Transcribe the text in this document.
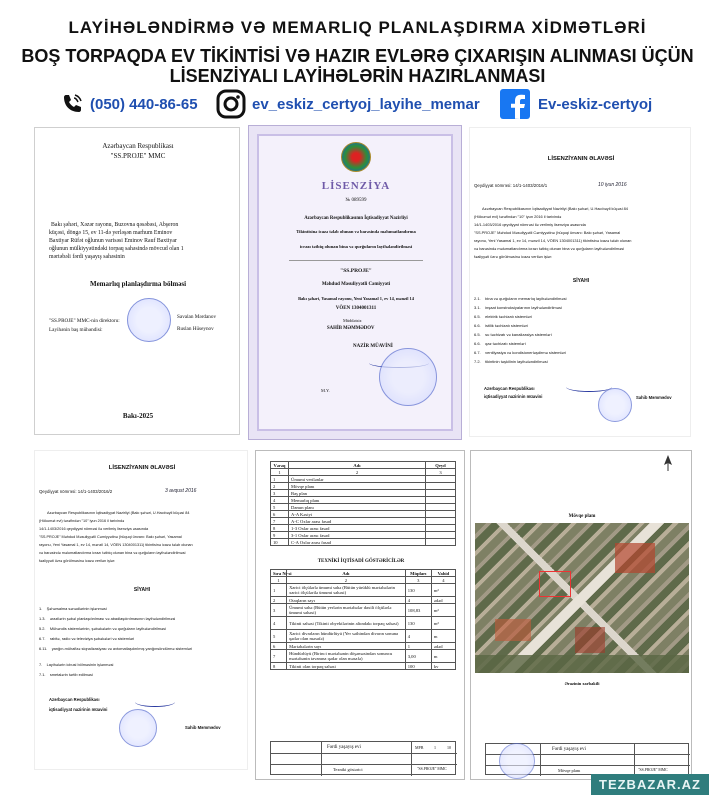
LAYİHƏLƏNDİRMƏ VƏ MEMARLIQ PLANLAŞDIRMA XİDMƏTLƏRİ
BOŞ TORPAQDA EV TİKİNTİSİ VƏ HAZIR EVLƏRƏ ÇIXARIŞIN ALINMASI ÜÇÜN
LİSENZİYALI LAYİHƏLƏRİN HAZIRLANMASI
(050) 440-86-65	ev_eskiz_certyoj_layihe_memar	Ev-eskiz-certyoj
Azərbaycan Respublikası
"SS.PROJE" MMC
Bakı şəhəri, Xəzər rayonu, Buzovna qəsəbəsi, Abşeron
küçəsi, döngə 15, ev 11-də yerləşən marhum Eminov
Baxtiyar Rüfət oğlunun varisəsi Eminov Rauf Baxtiyar
oğlunun mülkiyyətindəki torpaq sahəsində mövcud olan 1
mərtəbəli fərdi yaşayış sahəsinin
Memarlıq planlaşdırma bölməsi
"SS.PROJE" MMC-nin direktoru:
Savalan Mərdanov
Layihənin baş mühəndisi:	Ruslan Hüseynov
Bakı-2025
LİSENZİYA
№ 089599
Azərbaycan Respublikasının İqtisadiyyat Nazirliyi
Tikintisinə icazə tələb olunan və barəsində məlumatlandırma
icrazı tətbiq olunan bina və qurğuların layihələndirilməsi
"SS.PROJE"
Məhdud Məsuliyyətli Cəmiyyəti
Bakı şəhəri, Yasamal rayonu, Yeni Yasamal 1, ev 14, mənzil 14
VÖEN 1304001311
Müddətsiz
SAHİB MƏMMƏDOV
NAZİR MÜAVİNİ
M.Y.
LİSENZİYANIN ƏLAVƏSİ
Qeydiyyat nömrəsi: 14/1-1403/2016/1	10 iyun 2016
Azərbaycan Respublikasının İqtisadiyyat Nazirliyi (Bakı şəhəri, U.Hacıbəyli küçəsi 84
(Hökumət evi) tərəfindən "10" iyun 2016 il tarixində
14/1-1403/2016 qeydiyyat nömrəsi ilə verilmiş lisenziya əsasında
"SS.PROJE" Məhdud Məsuliyyətli Cəmiyyətinə (hüquqi ünvanı: Bakı şəhəri, Yasamal
rayonu, Yeni Yasamal 1, ev 14, mənzil 14, VÖEN 1304001311) tikintisinə icazə tələb olunan
və barəsində məlumatlandırma icrazı tətbiq olunan bina və qurğuların layihələndirilməsi
fəaliyyəti üzrə görülməsinə icazə verilən işlər:
SİYAHI
2.1. bina və qurğuların memarlıq layihələndirilməsi
3.1. inşaat konstruksiyalarının layihələndirilməsi
6.5. elektrik təchizatı sistemləri
6.6. istilik təchizatı sistemləri
6.5. su təchizatı və kanalizasiya sistemləri
6.6. qaz təchizatı sistemləri
6.7. ventilyasiya və kondisionerləşdirmə sistemləri
7.2. tikintinin təşkilinin layihələndirilməsi
Azərbaycan Respublikası
iqtisadiyyat nazirinin müavini	Sahib Məmmədov
LİSENZİYANIN ƏLAVƏSİ
Qeydiyyat nömrəsi: 14/1-1403/2016/2	3 avqust 2016
Azərbaycan Respublikasının İqtisadiyyat Nazirliyi (Bakı şəhəri, U.Hacıbəyli küçəsi 84
(Hökumət evi) tərəfindən "10" iyun 2016 il tarixində
14/1-1403/2016 qeydiyyat nömrəsi ilə verilmiş lisenziya əsasında
"SS.PROJE" Məhdud Məsuliyyətli Cəmiyyətinə (hüquqi ünvanı: Bakı şəhəri, Yasamal
rayonu, Yeni Yasamal 1, ev 14, mənzil 14, VÖEN 1304001311) tikintisinə icazə tələb olunan
və barəsində məlumatlandırma icrazı tətbiq olunan bina və qurğuların layihələndirilməsi
fəaliyyəti üzrə görülməsinə icazə verilən işlər:
SİYAHI
1. Şəhərsalma sənədlərinin işlənməsi
1.3. ərazilərin şəbəl planlaşdırılması və abadlaşdırılmasının layihələndirilməsi
5.2. Mühəndis sistemlərinin, şəbəkələrin və qurğuların layihələndirilməsi
6.7. rabitə, radio və televiziya şəbəkələri və sistemləri
6.11. yanğın-mühafizə siqnalizasiyası və avtomatlaşdırılmış yanğınsöndürmə sistemləri
7. Layihələrin icbusi bölməsinin işlənməsi
7.1. smetalərin tərtib edilməsi
Azərbaycan Respublikası
iqtisadiyyat nazirinin müavini
Sahib Məmmədov
Vərəq	Adı	Qeyd
1	2	3
1	Ümumi verilənlər	
2	Mövqe planı	
3	Baş plan	
4	Memarlıq planı	
5	Damın planı	
6	A-A Kəsiyi	
7	A-C Oxlar arası fasad	
8	1-3 Oxlar arası fasad	
9	3-1 Oxlar arası fasad	
10	C-A Oxlar arası fasad	
TEXNİKİ İQTİSADİ GÖSTƏRİCİLƏR
Sıra №-si	Adı	Miqdarı	Vahid
1	2	3	4
1	Xarici ölçülərlə ümumi sahə (Bütün yürüklü mərtəbələrin xarici ölçülərilə ümumi sahəsi)	130	m²
2	Otaqların sayı	4	ədəd
3	Ümumi sahə (Bütün yerlərin mərtəbələr daxili ölçülərlə ümumi sahəsi)	108,83	m²
4	Tikinti sahəsi (Tikinti obyektlərinin altındakı torpaq sahəsi)	130	m²
5	Xarici divarların hündürlüyü (Yer səthindən divarın sonuna qədər olan məsafə)	4	m
6	Mərtəbələrin sayı	1	ədəd
7	Hündürlüyü (Birinci mərtəbənin döşəməsindən sonuncu mərtəbənin tavanına qədər olan məsafə)	3,00	m
8	Tikinti olan torpaq sahəsi	100	kv
Fərdi yaşayış evi	MPB	1	10
Texniki göstərici	"SS.PROJE" MMC
Mövqe planı
Ərazinin xarbakili
Fərdi yaşayış evi
Mövqe planı	"SS.PROJE" MMC
TEZBAZAR.AZ
